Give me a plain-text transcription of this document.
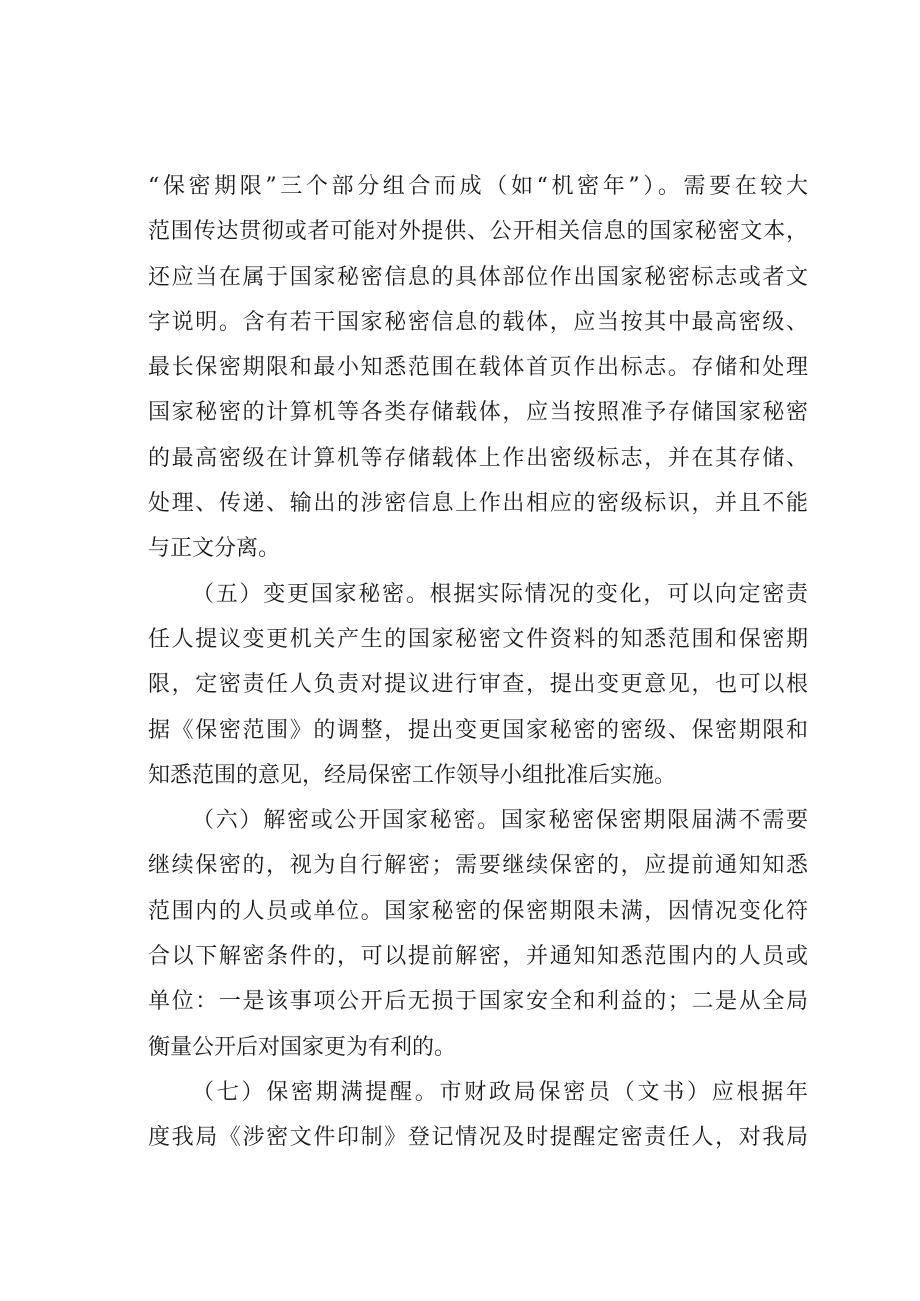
“保密期限”三个部分组合而成（如“机密年”）。需要在较大
范围传达贯彻或者可能对外提供、公开相关信息的国家秘密文本，
还应当在属于国家秘密信息的具体部位作出国家秘密标志或者文
字说明。含有若干国家秘密信息的载体，应当按其中最高密级、
最长保密期限和最小知悉范围在载体首页作出标志。存储和处理
国家秘密的计算机等各类存储载体，应当按照准予存储国家秘密
的最高密级在计算机等存储载体上作出密级标志，并在其存储、
处理、传递、输出的涉密信息上作出相应的密级标识，并且不能
与正文分离。
（五）变更国家秘密。根据实际情况的变化，可以向定密责
任人提议变更机关产生的国家秘密文件资料的知悉范围和保密期
限，定密责任人负责对提议进行审查，提出变更意见，也可以根
据《保密范围》的调整，提出变更国家秘密的密级、保密期限和
知悉范围的意见，经局保密工作领导小组批准后实施。
（六）解密或公开国家秘密。国家秘密保密期限届满不需要
继续保密的，视为自行解密；需要继续保密的，应提前通知知悉
范围内的人员或单位。国家秘密的保密期限未满，因情况变化符
合以下解密条件的，可以提前解密，并通知知悉范围内的人员或
单位：一是该事项公开后无损于国家安全和利益的；二是从全局
衡量公开后对国家更为有利的。
（七）保密期满提醒。市财政局保密员（文书）应根据年
度我局《涉密文件印制》登记情况及时提醒定密责任人，对我局
